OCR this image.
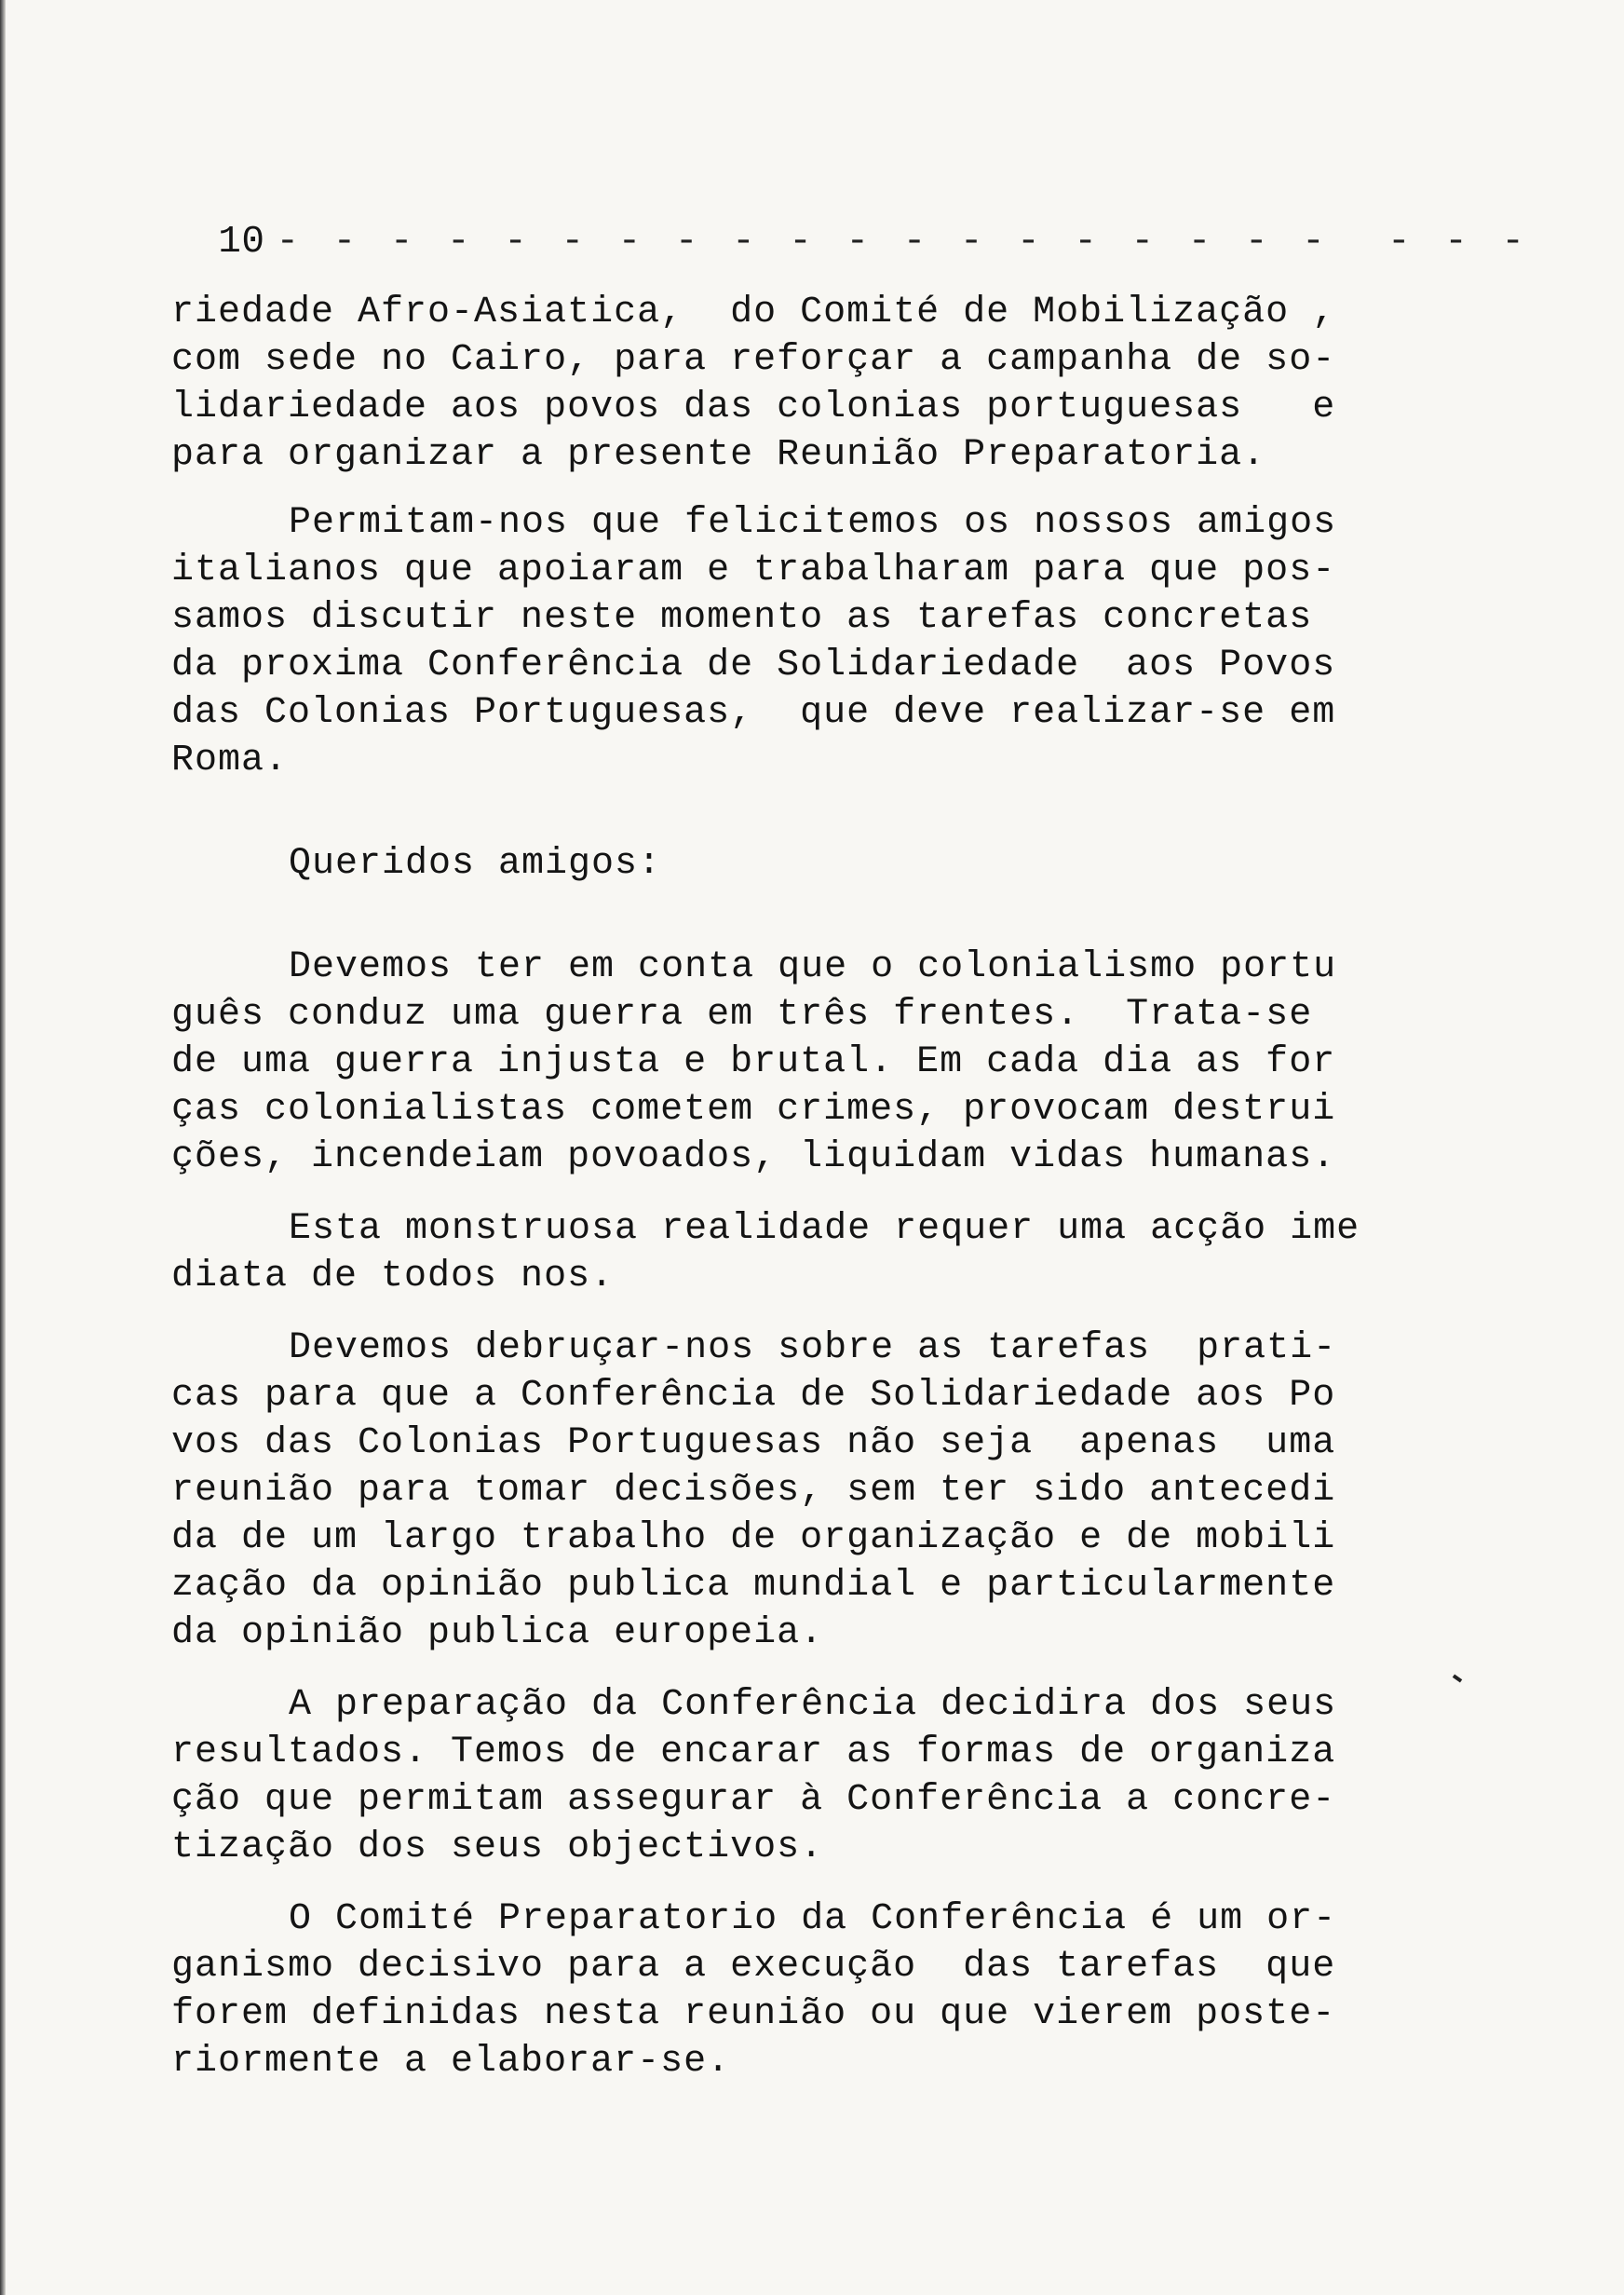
10 - - - - - - - - - - - - - - - - - - -  - - -

riedade Afro-Asiatica,  do Comité de Mobilização ,
com sede no Cairo, para reforçar a campanha de so-
lidariedade aos povos das colonias portuguesas   e
para organizar a presente Reunião Preparatoria.
Permitam-nos que felicitemos os nossos amigos
italianos que apoiaram e trabalharam para que pos-
samos discutir neste momento as tarefas concretas
da proxima Conferência de Solidariedade  aos Povos
das Colonias Portuguesas,  que deve realizar-se em
Roma.
Queridos amigos:
Devemos ter em conta que o colonialismo portu
guês conduz uma guerra em três frentes.  Trata-se
de uma guerra injusta e brutal. Em cada dia as for
ças colonialistas cometem crimes, provocam destrui
ções, incendeiam povoados, liquidam vidas humanas.
Esta monstruosa realidade requer uma acção ime
diata de todos nos.
Devemos debruçar-nos sobre as tarefas  prati-
cas para que a Conferência de Solidariedade aos Po
vos das Colonias Portuguesas não seja  apenas  uma
reunião para tomar decisões, sem ter sido antecedi
da de um largo trabalho de organização e de mobili
zação da opinião publica mundial e particularmente
da opinião publica europeia.
A preparação da Conferência decidira dos seus
resultados. Temos de encarar as formas de organiza
ção que permitam assegurar à Conferência a concre-
tização dos seus objectivos.
O Comité Preparatorio da Conferência é um or-
ganismo decisivo para a execução  das tarefas  que
forem definidas nesta reunião ou que vierem poste-
riormente a elaborar-se.
